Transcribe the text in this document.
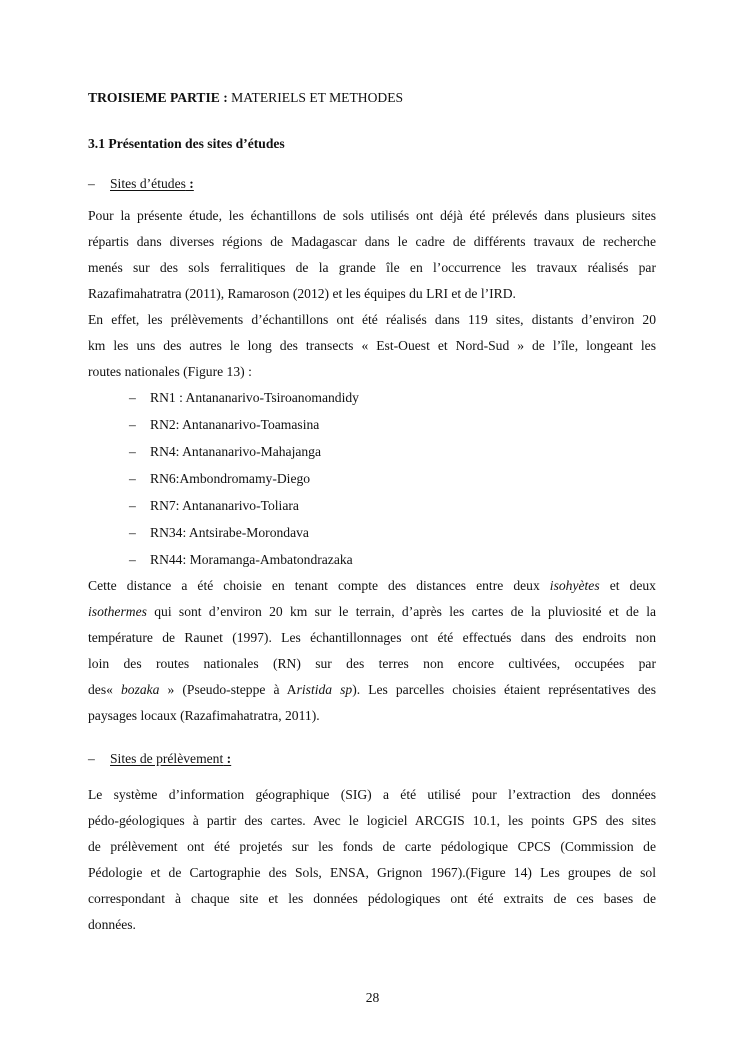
TROISIEME PARTIE : MATERIELS ET METHODES
3.1 Présentation des sites d’études
– Sites d’études :
Pour la présente étude, les échantillons de sols utilisés ont déjà été prélevés dans plusieurs sites
répartis dans diverses régions de Madagascar dans le cadre de différents travaux de recherche
menés sur des sols ferralitiques de la grande île en l’occurrence les travaux réalisés par
Razafimahatratra (2011), Ramaroson (2012) et les équipes du LRI et de l’IRD.
En effet, les prélèvements d’échantillons ont été réalisés dans 119 sites, distants d’environ 20
km les uns des autres le long des transects « Est-Ouest et Nord-Sud » de l’île, longeant les
routes nationales (Figure 13) :
– RN1 : Antananarivo-Tsiroanomandidy
– RN2: Antananarivo-Toamasina
– RN4: Antananarivo-Mahajanga
– RN6:Ambondromamy-Diego
– RN7: Antananarivo-Toliara
– RN34: Antsirabe-Morondava
– RN44: Moramanga-Ambatondrazaka
Cette distance a été choisie en tenant compte des distances entre deux isohyètes et deux
isothermes qui sont d’environ 20 km sur le terrain, d’après les cartes de la pluviosité et de la
température de Raunet (1997). Les échantillonnages ont été effectués dans des endroits non
loin des routes nationales (RN) sur des terres non encore cultivées, occupées par
des« bozaka » (Pseudo-steppe à Aristida sp). Les parcelles choisies étaient représentatives des
paysages locaux (Razafimahatratra, 2011).
– Sites de prélèvement :
Le système d’information géographique (SIG) a été utilisé pour l’extraction des données
pédo-géologiques à partir des cartes. Avec le logiciel ARCGIS 10.1, les points GPS des sites
de prélèvement ont été projetés sur les fonds de carte pédologique CPCS (Commission de
Pédologie et de Cartographie des Sols, ENSA, Grignon 1967).(Figure 14) Les groupes de sol
correspondant à chaque site et les données pédologiques ont été extraits de ces bases de
données.
28
